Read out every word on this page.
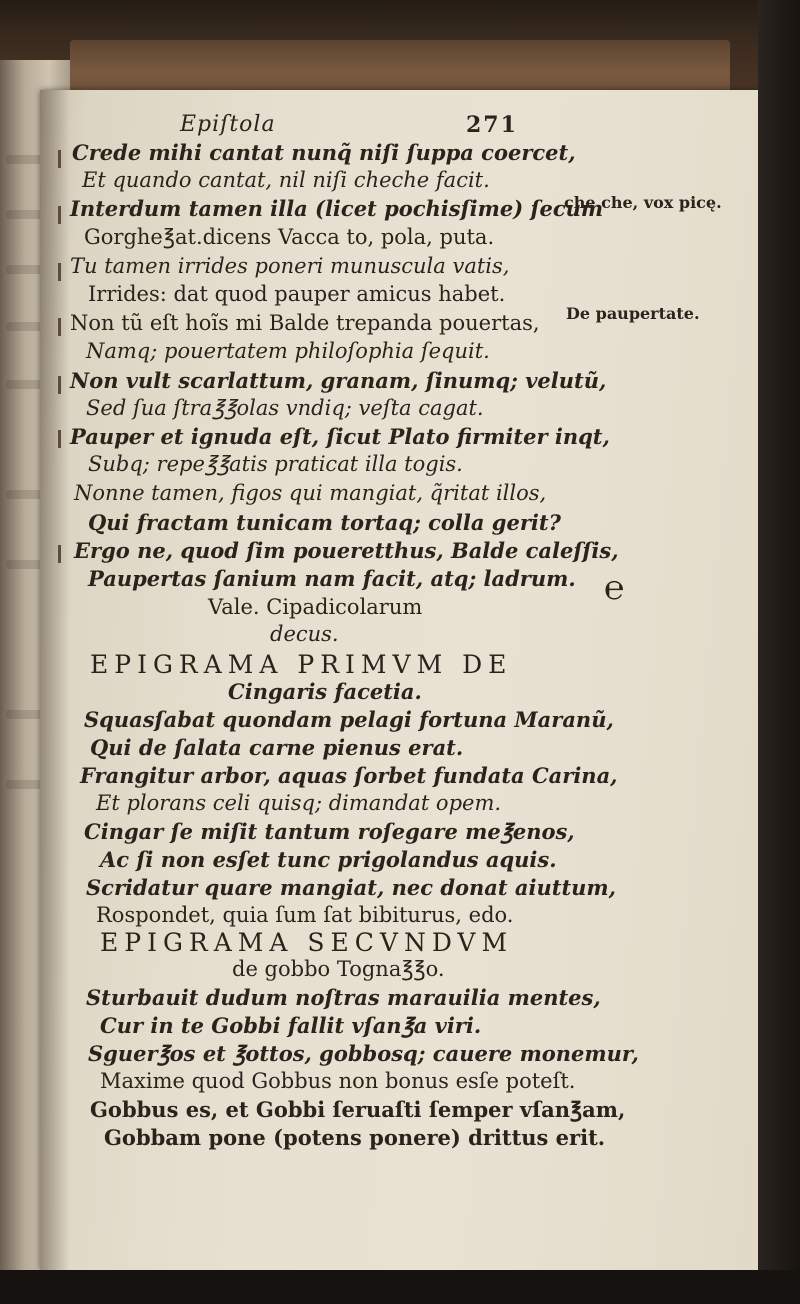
Epiſtola	271
Crede mihi cantat nunq̃ niſi ſuppa coercet,
Et quando cantat, nil niſi cheche facit.
Interdum tamen illa (licet pochisſime) ſecum
Gorghe℥at.dicens Vacca to, pola, puta.
Tu tamen irrides poneri munuscula vatis,
Irrides: dat quod pauper amicus habet.
Non tũ eſt hoĩs mi Balde trepanda pouertas,
Namq; pouertatem philoſophia ſequit.
Non vult scarlattum, granam, ſinumq; velutũ,
Sed ſua ſtra℥℥olas vndiq; veſta cagat.
Pauper et ignuda eſt, ſicut Plato firmiter inqt,
Subq; repe℥℥atis praticat illa togis.
Nonne tamen, figos qui mangiat, q̃ritat illos,
Qui fractam tunicam tortaq; colla gerit?
Ergo ne, quod ſim poueretthus, Balde caleſſis,
Paupertas ſanium nam facit, atq; ladrum.
Vale. Cipadicolarum
decus.
EPIGRAMA PRIMVM DE
Cingaris facetia.
Squasſabat quondam pelagi fortuna Maranũ,
Qui de ſalata carne pienus erat.
Frangitur arbor, aquas ſorbet fundata Carina,
Et plorans celi quisq; dimandat opem.
Cingar ſe miſit tantum roſegare me℥enos,
Ac ſi non esſet tunc prigolandus aquis.
Scridatur quare mangiat, nec donat aiuttum,
Rospondet, quia ſum ſat bibiturus, edo.
EPIGRAMA SECVNDVM
de gobbo Togna℥℥o.
Sturbauit dudum noſtras marauilia mentes,
Cur in te Gobbi fallit vſan℥a viri.
Sguer℥os et ℥ottos, gobbosq; cauere monemur,
Maxime quod Gobbus non bonus esſe poteſt.
Gobbus es, et Gobbi ſeruaſti ſemper vſan℥am,
Gobbam pone (potens ponere) drittus erit.
che che, vox picę.
De paupertate.
℮
